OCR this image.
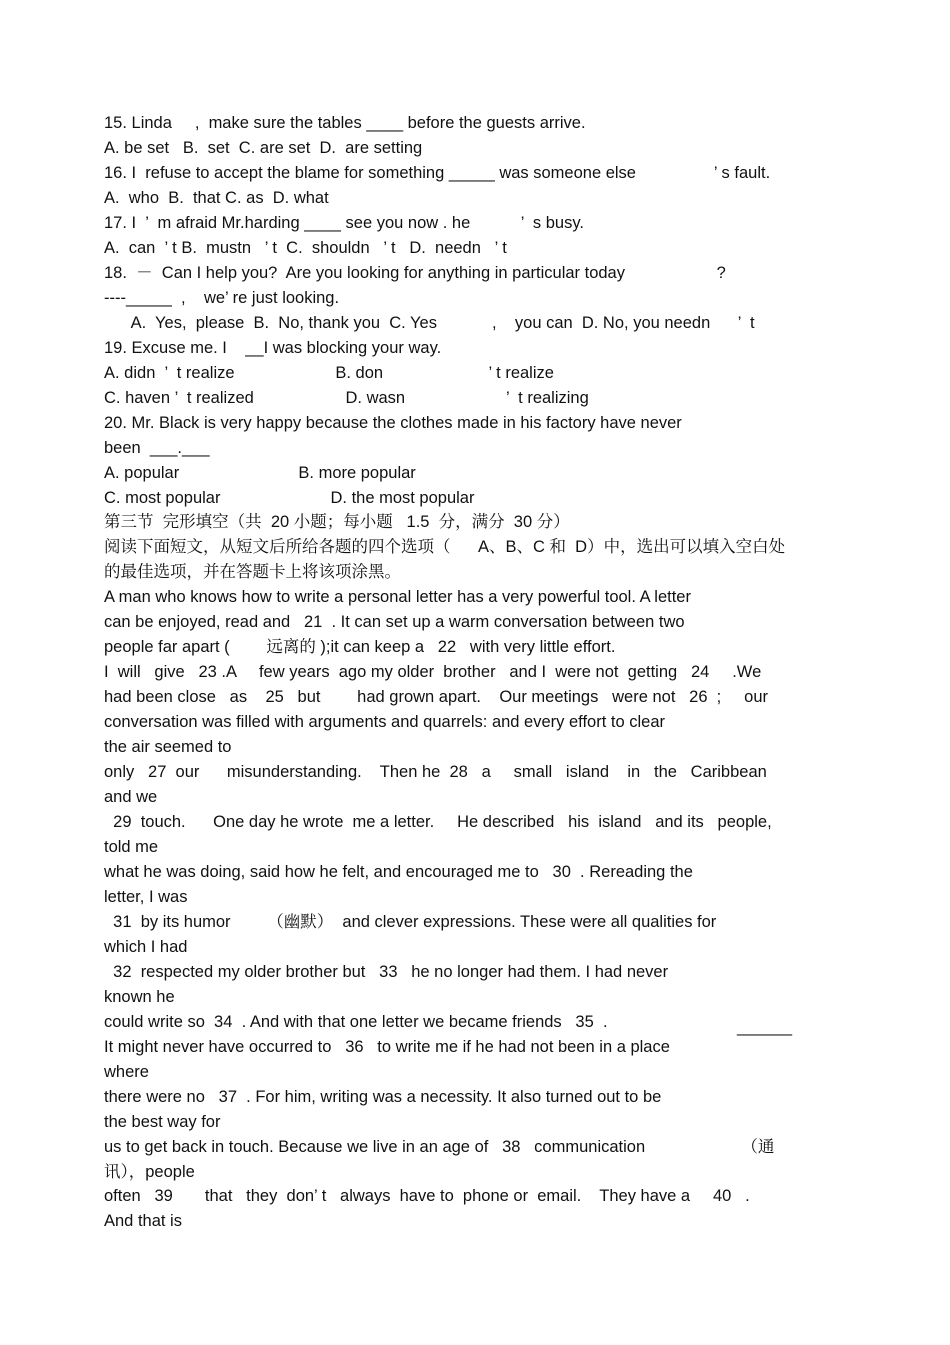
15. Linda     ,  make sure the tables ____ before the guests arrive.
A. be set   B.  set  C. are set  D.  are setting
16. I  refuse to accept the blame for something _____ was someone else                 ’ s fault.
A.  who  B.  that C. as  D. what
17. I  ’  m afraid Mr.harding ____ see you now . he           ’  s busy.
A.  can  ’ t B.  mustn   ’ t  C.  shouldn   ’ t   D.  needn   ’ t
18.  －  Can I help you?  Are you looking for anything in particular today                    ?
----_____  ,    we’ re just looking.
A.  Yes,  please  B.  No, thank you  C. Yes            ,    you can  D. No, you needn      ’  t
19. Excuse me. I    __I was blocking your way.
A. didn  ’  t realize                      B. don                       ’ t realize
C. haven ’  t realized                    D. wasn                      ’  t realizing
20. Mr. Black is very happy because the clothes made in his factory have never
been  ___.___
A. popular                          B. more popular
C. most popular                        D. the most popular
第三节  完形填空（共  20 小题；每小题   1.5  分，满分  30 分）
阅读下面短文，从短文后所给各题的四个选项（      A、B、C 和  D）中，选出可以填入空白处
的最佳选项，并在答题卡上将该项涂黑。
A man who knows how to write a personal letter has a very powerful tool. A letter
can be enjoyed, read and   21  . It can set up a warm conversation between two
people far apart (        远离的 );it can keep a   22   with very little effort.
I  will   give   23 .A     few years  ago my older  brother   and I  were not  getting   24     .We
had been close   as    25   but        had grown apart.    Our meetings   were not   26  ;     our
conversation was filled with arguments and quarrels: and every effort to clear
the air seemed to
only   27  our      misunderstanding.    Then he  28   a     small   island    in   the   Caribbean
and we
29  touch.      One day he wrote  me a letter.     He described   his  island   and its   people,
told me
what he was doing, said how he felt, and encouraged me to   30  . Rereading the
letter, I was
31  by its humor        （幽默）  and clever expressions. These were all qualities for
which I had
32  respected my older brother but   33   he no longer had them. I had never
known he
could write so  34  . And with that one letter we became friends   35  .
It might never have occurred to   36   to write me if he had not been in a place
where
there were no   37  . For him, writing was a necessity. It also turned out to be
the best way for
us to get back in touch. Because we live in an age of   38   communication                     （通
讯），people
often   39       that   they  don’ t   always  have to  phone or  email.    They have a     40   .
And that is
______
